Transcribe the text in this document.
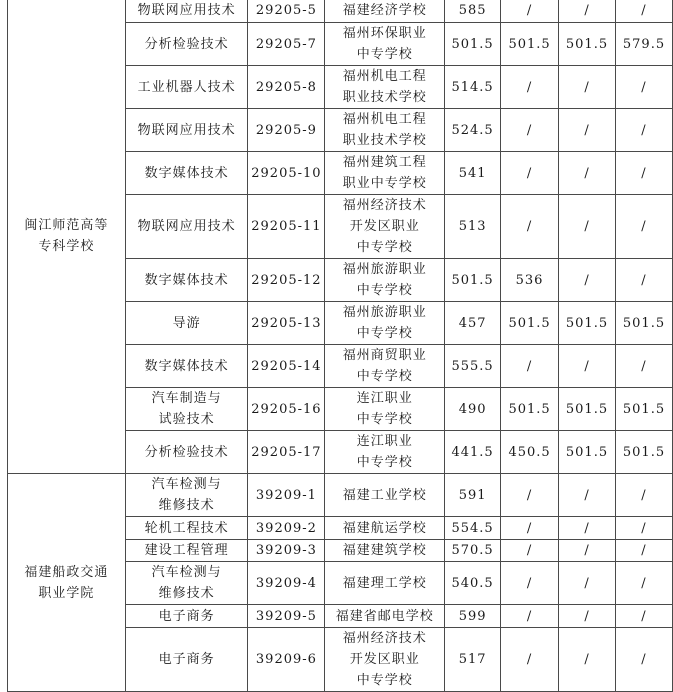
闽江师范高等
专科学校	物联网应用技术	29205-5	福建经济学校	585	/	/	/

	分析检验技术	29205-7	福州环保职业
中专学校	501.5	501.5	501.5	579.5

	工业机器人技术	29205-8	福州机电工程
职业技术学校	514.5	/	/	/

	物联网应用技术	29205-9	福州机电工程
职业技术学校	524.5	/	/	/

	数字媒体技术	29205-10	福州建筑工程
职业中专学校	541	/	/	/

	物联网应用技术	29205-11	福州经济技术
开发区职业
中专学校	513	/	/	/

	数字媒体技术	29205-12	福州旅游职业
中专学校	501.5	536	/	/

	导游	29205-13	福州旅游职业
中专学校	457	501.5	501.5	501.5

	数字媒体技术	29205-14	福州商贸职业
中专学校	555.5	/	/	/

	汽车制造与
试验技术	29205-16	连江职业
中专学校	490	501.5	501.5	501.5

	分析检验技术	29205-17	连江职业
中专学校	441.5	450.5	501.5	501.5

福建船政交通
职业学院	汽车检测与
维修技术	39209-1	福建工业学校	591	/	/	/

	轮机工程技术	39209-2	福建航运学校	554.5	/	/	/

	建设工程管理	39209-3	福建建筑学校	570.5	/	/	/

	汽车检测与
维修技术	39209-4	福建理工学校	540.5	/	/	/

	电子商务	39209-5	福建省邮电学校	599	/	/	/

	电子商务	39209-6	福州经济技术
开发区职业
中专学校	517	/	/	/
